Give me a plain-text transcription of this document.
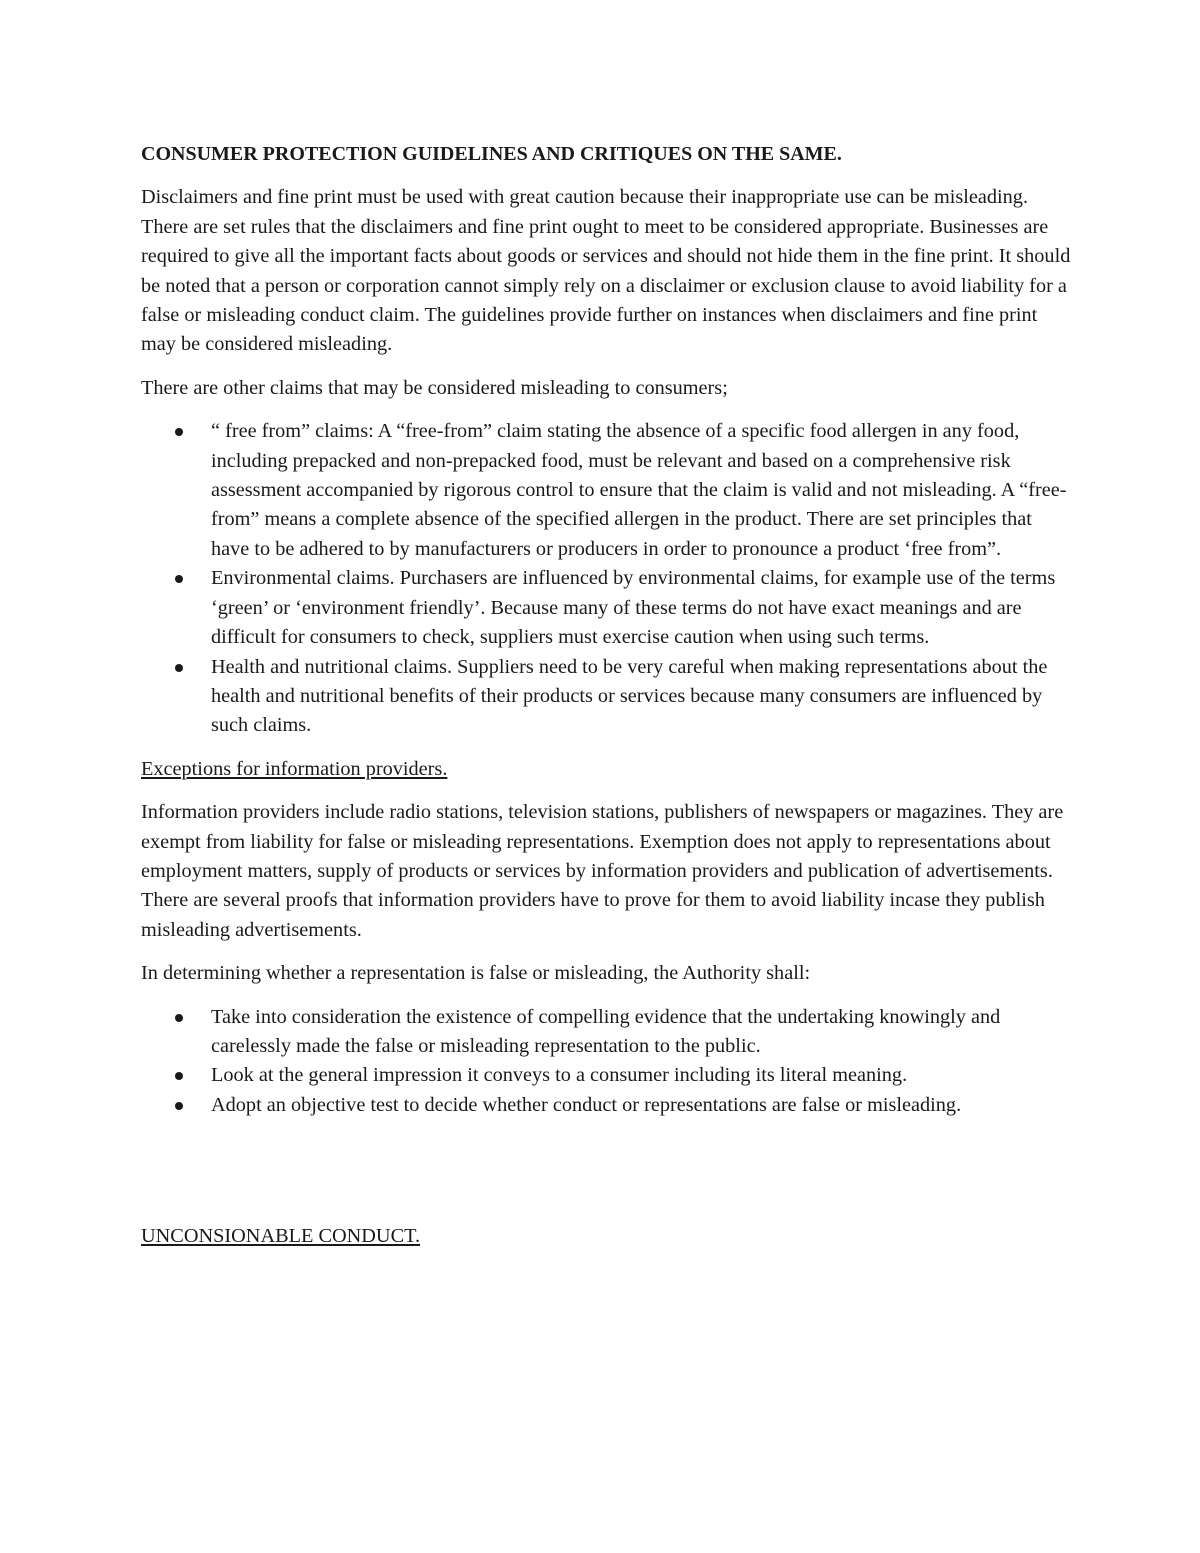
CONSUMER PROTECTION GUIDELINES AND CRITIQUES ON THE SAME.

Disclaimers and fine print must be used with great caution because their inappropriate use can be misleading. There are set rules that the disclaimers and fine print ought to meet to be considered appropriate. Businesses are required to give all the important facts about goods or services and should not hide them in the fine print. It should be noted that a person or corporation cannot simply rely on a disclaimer or exclusion clause to avoid liability for a false or misleading conduct claim. The guidelines provide further on instances when disclaimers and fine print may be considered misleading.

There are other claims that may be considered misleading to consumers;

“ free from” claims: A “free-from” claim stating the absence of a specific food allergen in any food, including prepacked and non-prepacked food, must be relevant and based on a comprehensive risk assessment accompanied by rigorous control to ensure that the claim is valid and not misleading. A “free-from” means a complete absence of the specified allergen in the product. There are set principles that have to be adhered to by manufacturers or producers in order to pronounce a product ‘free from”.
Environmental claims. Purchasers are influenced by environmental claims, for example use of the terms ‘green’ or ‘environment friendly’. Because many of these terms do not have exact meanings and are difficult for consumers to check, suppliers must exercise caution when using such terms.
Health and nutritional claims. Suppliers need to be very careful when making representations about the health and nutritional benefits of their products or services because many consumers are influenced by such claims.

Exceptions for information providers.

Information providers include radio stations, television stations, publishers of newspapers or magazines. They are exempt from liability for false or misleading representations. Exemption does not apply to representations about employment matters, supply of products or services by information providers and publication of advertisements. There are several proofs that information providers have to prove for them to avoid liability incase they publish misleading advertisements.

In determining whether a representation is false or misleading, the Authority shall:

Take into consideration the existence of compelling evidence that the undertaking knowingly and carelessly made the false or misleading representation to the public.
Look at the general impression it conveys to a consumer including its literal meaning.
Adopt an objective test to decide whether conduct or representations are false or misleading.

UNCONSIONABLE CONDUCT.
